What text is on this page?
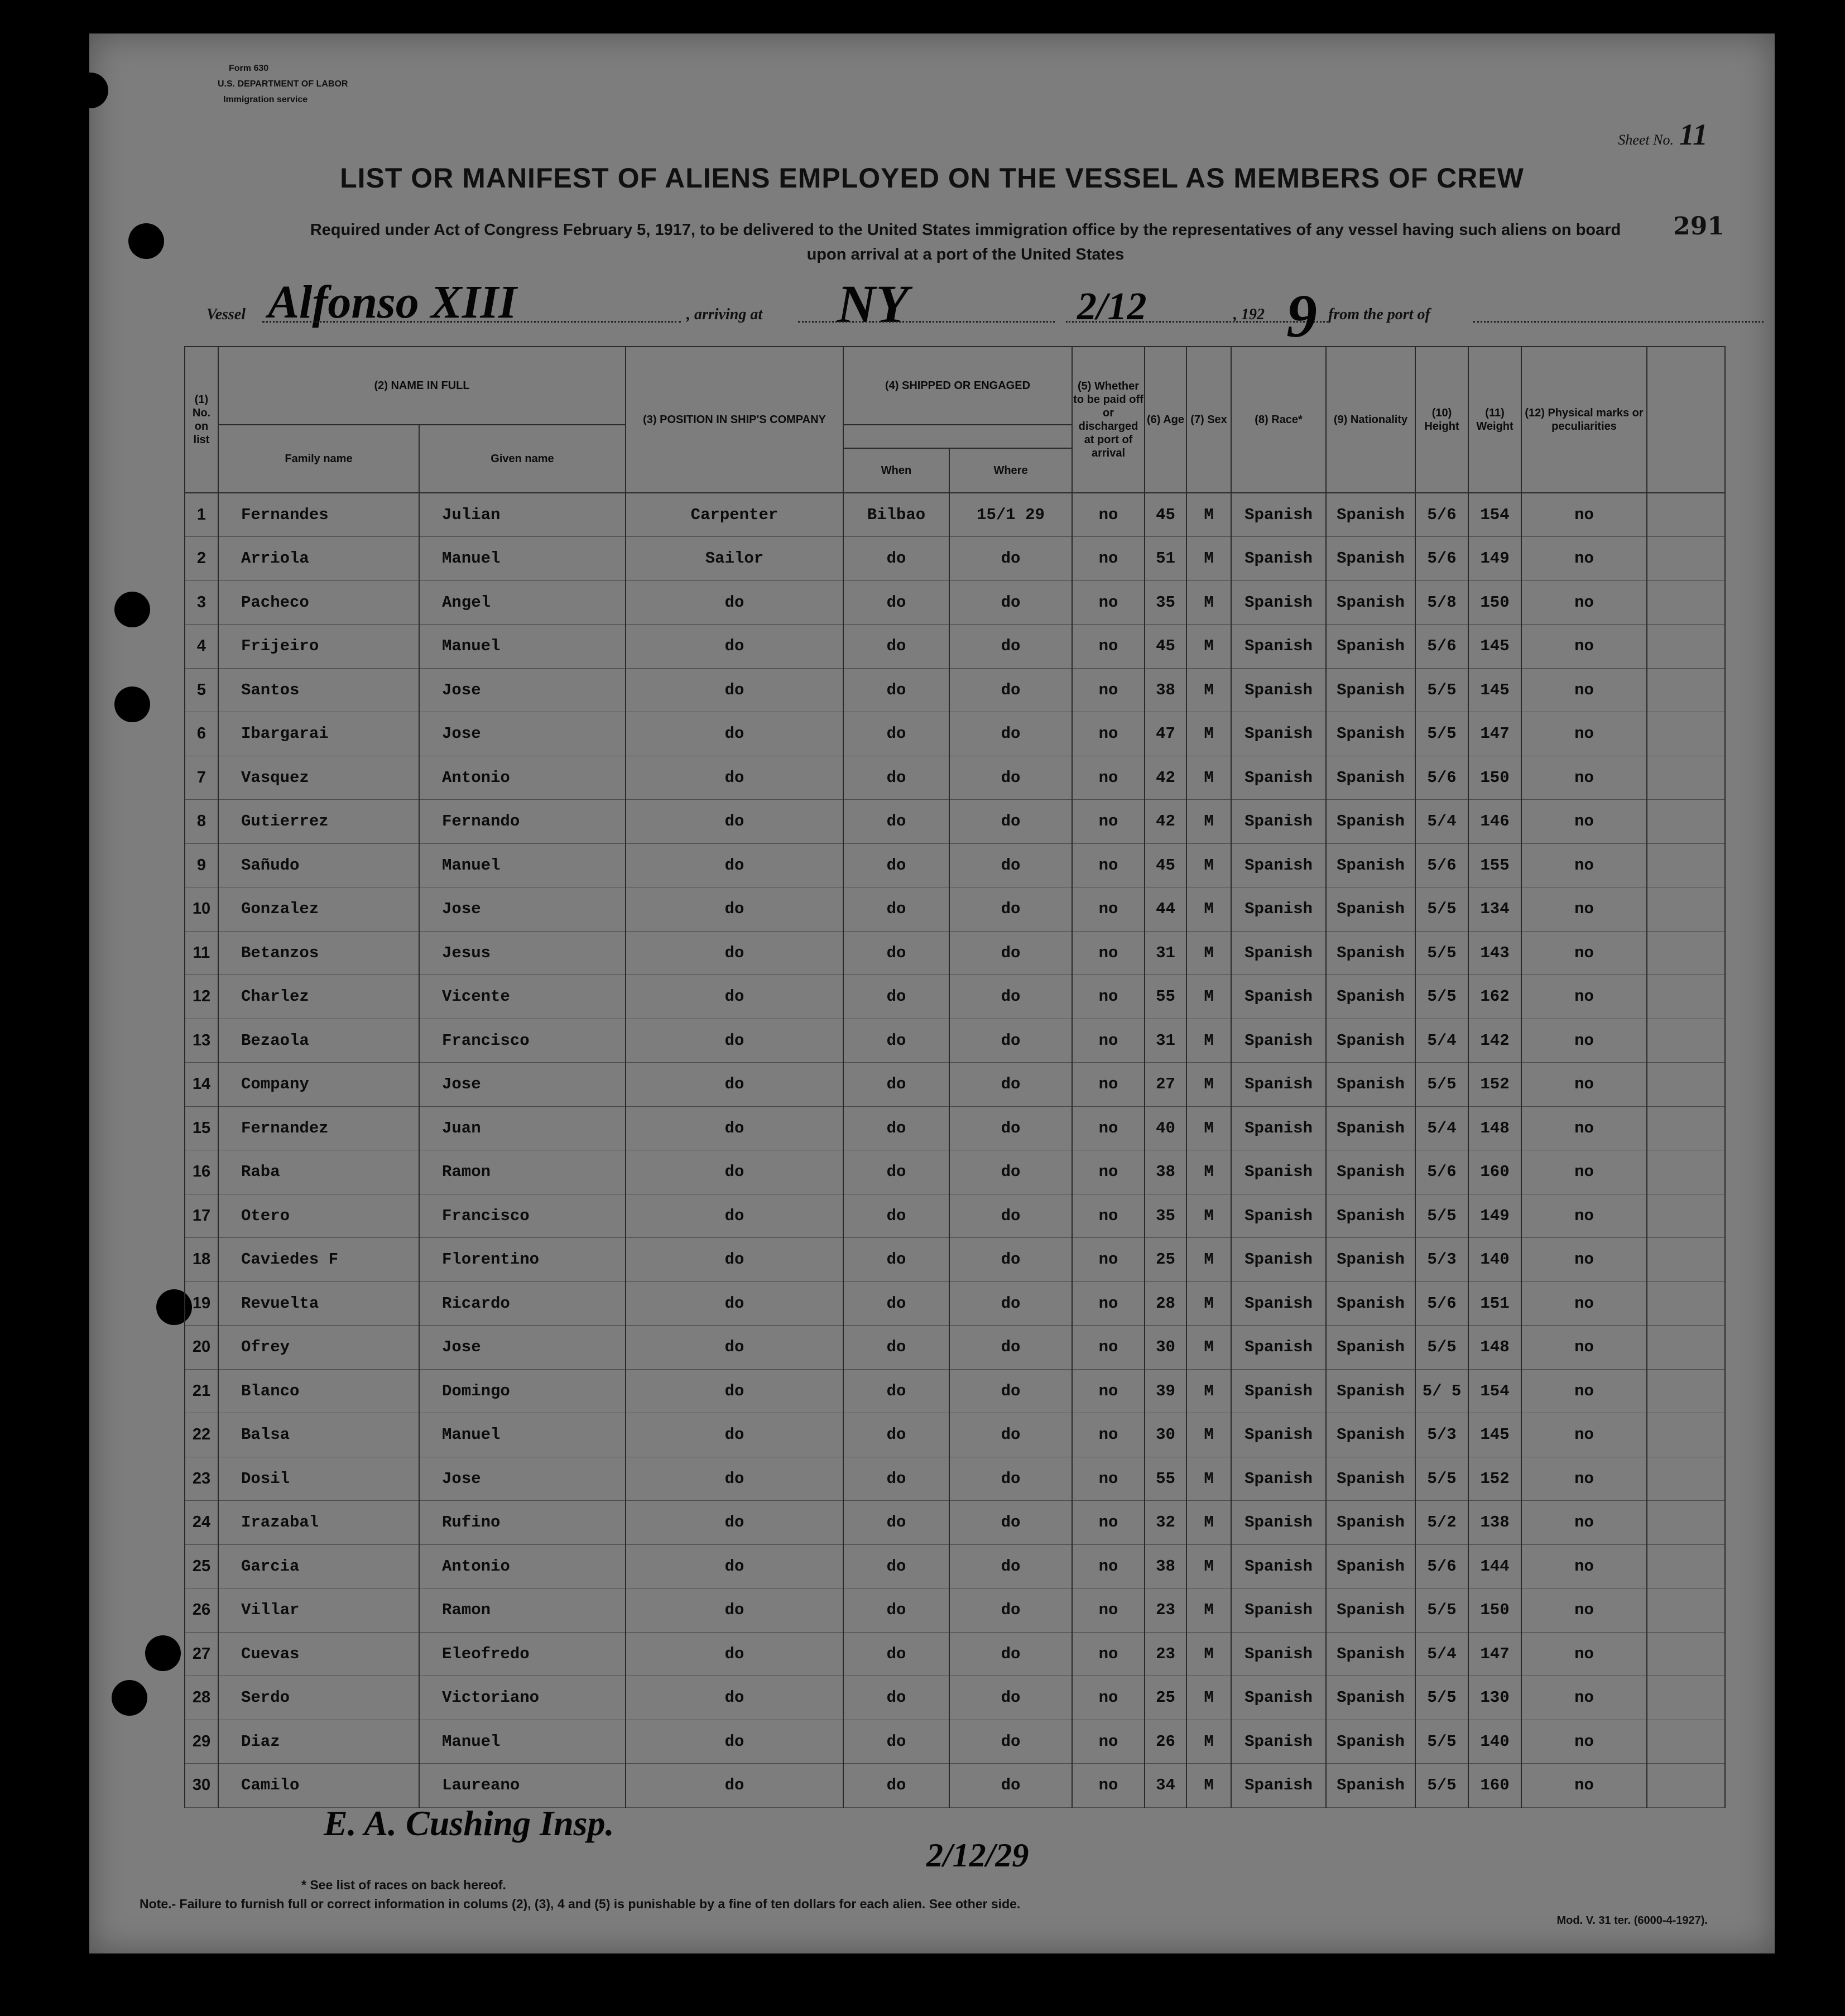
Form 630
U.S. DEPARTMENT OF LABOR
Immigration service
Sheet No. 11
291
LIST OR MANIFEST OF ALIENS EMPLOYED ON THE VESSEL AS MEMBERS OF CREW
Required under Act of Congress February 5, 1917, to be delivered to the United States immigration office by the representatives of any vessel having such aliens on board upon arrival at a port of the United States
Vessel Alfonso XIII	, arriving at NY	2/12	, 192 9 from the port of
(1) No. on list	(2) NAME IN FULL		(3) POSITION IN SHIP'S COMPANY	(4) SHIPPED OR ENGAGED		(5) Whether to be paid off or discharged at port of arrival	(6) Age	(7) Sex	(8) Race*	(9) Nationality	(10) Height	(11) Weight	(12) Physical marks or peculiarities	
	Family name	Given name												
				When	Where									
1	Fernandes	Julian	Carpenter	Bilbao	15/1 29	no	45	M	Spanish	Spanish	5/6	154	no	
2	Arriola	Manuel	Sailor	do	do	no	51	M	Spanish	Spanish	5/6	149	no	
3	Pacheco	Angel	do	do	do	no	35	M	Spanish	Spanish	5/8	150	no	
4	Frijeiro	Manuel	do	do	do	no	45	M	Spanish	Spanish	5/6	145	no	
5	Santos	Jose	do	do	do	no	38	M	Spanish	Spanish	5/5	145	no	
6	Ibargarai	Jose	do	do	do	no	47	M	Spanish	Spanish	5/5	147	no	
7	Vasquez	Antonio	do	do	do	no	42	M	Spanish	Spanish	5/6	150	no	
8	Gutierrez	Fernando	do	do	do	no	42	M	Spanish	Spanish	5/4	146	no	
9	Sañudo	Manuel	do	do	do	no	45	M	Spanish	Spanish	5/6	155	no	
10	Gonzalez	Jose	do	do	do	no	44	M	Spanish	Spanish	5/5	134	no	
11	Betanzos	Jesus	do	do	do	no	31	M	Spanish	Spanish	5/5	143	no	
12	Charlez	Vicente	do	do	do	no	55	M	Spanish	Spanish	5/5	162	no	
13	Bezaola	Francisco	do	do	do	no	31	M	Spanish	Spanish	5/4	142	no	
14	Company	Jose	do	do	do	no	27	M	Spanish	Spanish	5/5	152	no	
15	Fernandez	Juan	do	do	do	no	40	M	Spanish	Spanish	5/4	148	no	
16	Raba	Ramon	do	do	do	no	38	M	Spanish	Spanish	5/6	160	no	
17	Otero	Francisco	do	do	do	no	35	M	Spanish	Spanish	5/5	149	no	
18	Caviedes F	Florentino	do	do	do	no	25	M	Spanish	Spanish	5/3	140	no	
19	Revuelta	Ricardo	do	do	do	no	28	M	Spanish	Spanish	5/6	151	no	
20	Ofrey	Jose	do	do	do	no	30	M	Spanish	Spanish	5/5	148	no	
21	Blanco	Domingo	do	do	do	no	39	M	Spanish	Spanish	5/ 5	154	no	
22	Balsa	Manuel	do	do	do	no	30	M	Spanish	Spanish	5/3	145	no	
23	Dosil	Jose	do	do	do	no	55	M	Spanish	Spanish	5/5	152	no	
24	Irazabal	Rufino	do	do	do	no	32	M	Spanish	Spanish	5/2	138	no	
25	Garcia	Antonio	do	do	do	no	38	M	Spanish	Spanish	5/6	144	no	
26	Villar	Ramon	do	do	do	no	23	M	Spanish	Spanish	5/5	150	no	
27	Cuevas	Eleofredo	do	do	do	no	23	M	Spanish	Spanish	5/4	147	no	
28	Serdo	Victoriano	do	do	do	no	25	M	Spanish	Spanish	5/5	130	no	
29	Diaz	Manuel	do	do	do	no	26	M	Spanish	Spanish	5/5	140	no	
30	Camilo	Laureano	do	do	do	no	34	M	Spanish	Spanish	5/5	160	no	
E. A. Cushing Insp.
2/12/29
* See list of races on back hereof.
Note.- Failure to furnish full or correct information in colums (2), (3), 4 and (5) is punishable by a fine of ten dollars for each alien. See other side.
Mod. V. 31 ter. (6000-4-1927).
